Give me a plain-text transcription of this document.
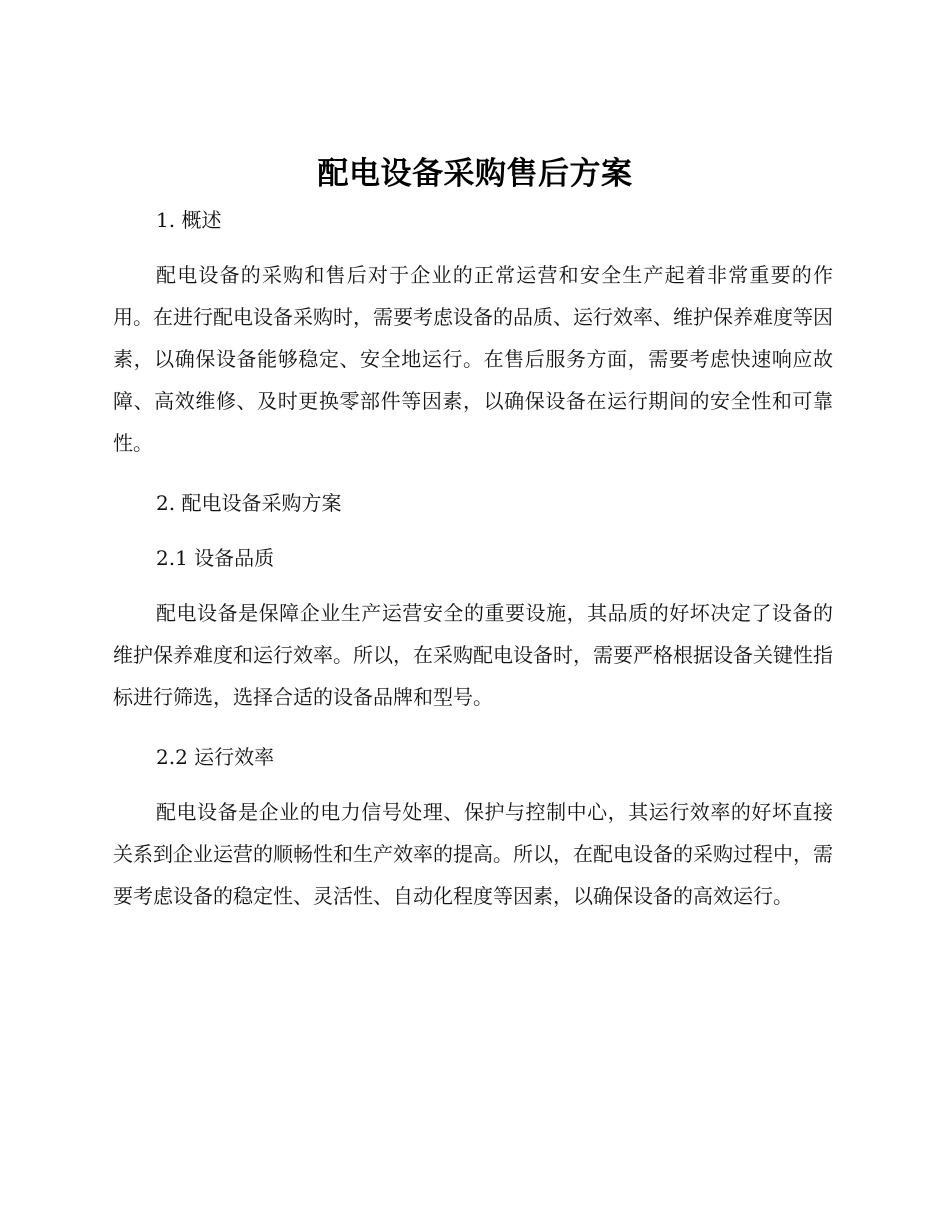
配电设备采购售后方案
1. 概述

配电设备的采购和售后对于企业的正常运营和安全生产起着非常重要的作用。在进行配电设备采购时，需要考虑设备的品质、运行效率、维护保养难度等因素，以确保设备能够稳定、安全地运行。在售后服务方面，需要考虑快速响应故障、高效维修、及时更换零部件等因素，以确保设备在运行期间的安全性和可靠性。

2. 配电设备采购方案
2.1 设备品质

配电设备是保障企业生产运营安全的重要设施，其品质的好坏决定了设备的维护保养难度和运行效率。所以，在采购配电设备时，需要严格根据设备关键性指标进行筛选，选择合适的设备品牌和型号。

2.2 运行效率

配电设备是企业的电力信号处理、保护与控制中心，其运行效率的好坏直接关系到企业运营的顺畅性和生产效率的提高。所以，在配电设备的采购过程中，需要考虑设备的稳定性、灵活性、自动化程度等因素，以确保设备的高效运行。
